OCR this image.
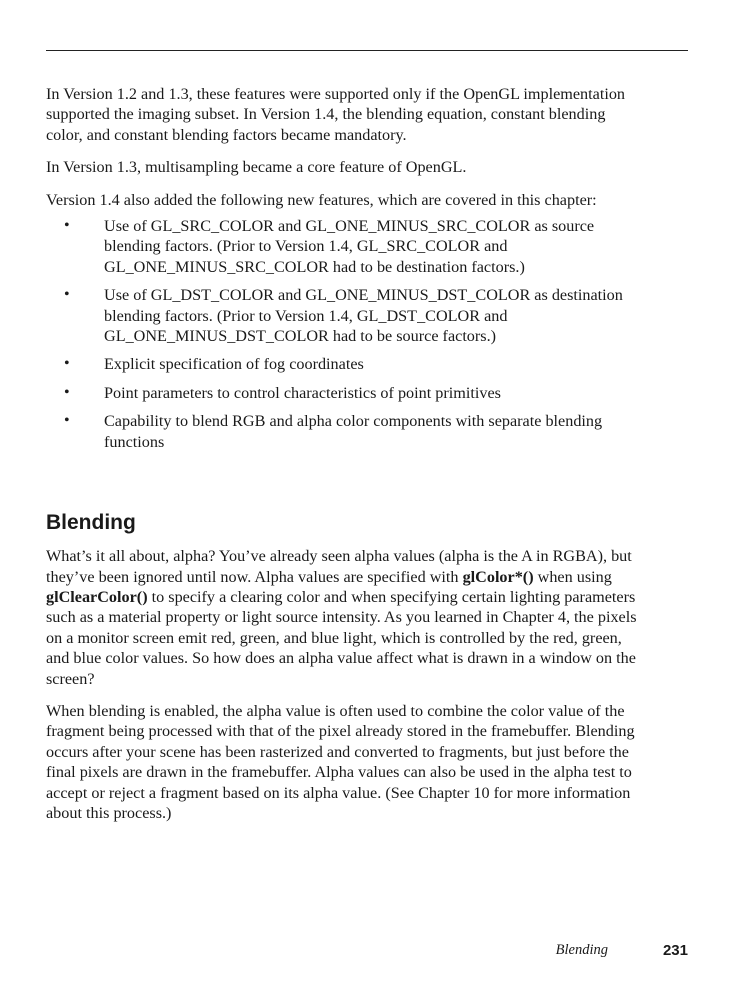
In Version 1.2 and 1.3, these features were supported only if the OpenGL implementation supported the imaging subset. In Version 1.4, the blending equation, constant blending color, and constant blending factors became mandatory.

In Version 1.3, multisampling became a core feature of OpenGL.

Version 1.4 also added the following new features, which are covered in this chapter:

• Use of GL_SRC_COLOR and GL_ONE_MINUS_SRC_COLOR as source blending factors. (Prior to Version 1.4, GL_SRC_COLOR and GL_ONE_MINUS_SRC_COLOR had to be destination factors.)
• Use of GL_DST_COLOR and GL_ONE_MINUS_DST_COLOR as destination blending factors. (Prior to Version 1.4, GL_DST_COLOR and GL_ONE_MINUS_DST_COLOR had to be source factors.)
• Explicit specification of fog coordinates
• Point parameters to control characteristics of point primitives
• Capability to blend RGB and alpha color components with separate blending functions
Blending

What’s it all about, alpha? You’ve already seen alpha values (alpha is the A in RGBA), but they’ve been ignored until now. Alpha values are specified with glColor*() when using glClearColor() to specify a clearing color and when specifying certain lighting parameters such as a material property or light source intensity. As you learned in Chapter 4, the pixels on a monitor screen emit red, green, and blue light, which is controlled by the red, green, and blue color values. So how does an alpha value affect what is drawn in a window on the screen?

When blending is enabled, the alpha value is often used to combine the color value of the fragment being processed with that of the pixel already stored in the framebuffer. Blending occurs after your scene has been rasterized and converted to fragments, but just before the final pixels are drawn in the framebuffer. Alpha values can also be used in the alpha test to accept or reject a fragment based on its alpha value. (See Chapter 10 for more information about this process.)

Blending	231
